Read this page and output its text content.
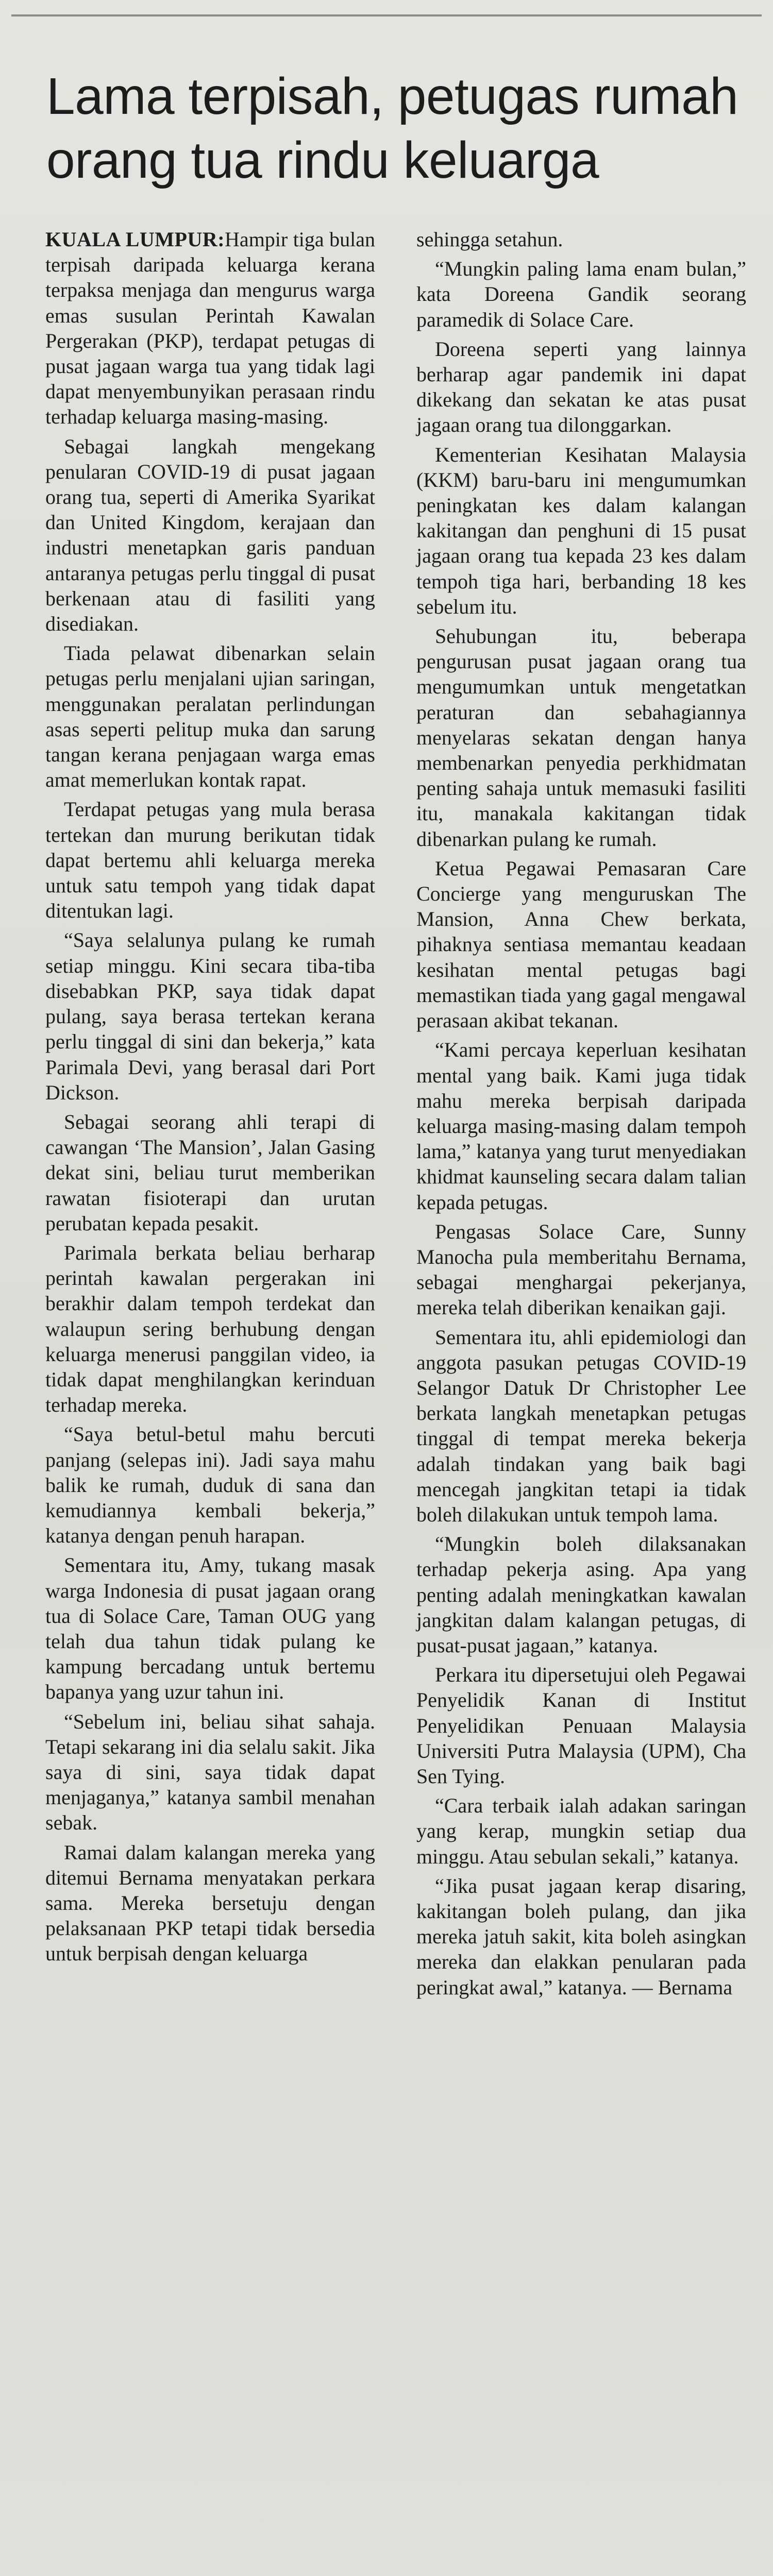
Lama terpisah, petugas rumah orang tua rindu keluarga

KUALA LUMPUR:Hampir tiga bulan terpisah daripada keluarga kerana terpaksa menjaga dan mengurus warga emas susulan Perintah Kawalan Pergerakan (PKP), terdapat petugas di pusat jagaan warga tua yang tidak lagi dapat menyembunyikan perasaan rindu terhadap keluarga masing-masing.

Sebagai langkah mengekang penularan COVID-19 di pusat jagaan orang tua, seperti di Amerika Syarikat dan United Kingdom, kerajaan dan industri menetapkan garis panduan antaranya petugas perlu tinggal di pusat berkenaan atau di fasiliti yang disediakan.

Tiada pelawat dibenarkan selain petugas perlu menjalani ujian saringan, menggunakan peralatan perlindungan asas seperti pelitup muka dan sarung tangan kerana penjagaan warga emas amat memerlukan kontak rapat.

Terdapat petugas yang mula berasa tertekan dan murung berikutan tidak dapat bertemu ahli keluarga mereka untuk satu tempoh yang tidak dapat ditentukan lagi.

“Saya selalunya pulang ke rumah setiap minggu. Kini secara tiba-tiba disebabkan PKP, saya tidak dapat pulang, saya berasa tertekan kerana perlu tinggal di sini dan bekerja,” kata Parimala Devi, yang berasal dari Port Dickson.

Sebagai seorang ahli terapi di cawangan ‘The Mansion’, Jalan Gasing dekat sini, beliau turut memberikan rawatan fisioterapi dan urutan perubatan kepada pesakit.

Parimala berkata beliau berharap perintah kawalan pergerakan ini berakhir dalam tempoh terdekat dan walaupun sering berhubung dengan keluarga menerusi panggilan video, ia tidak dapat menghilangkan kerinduan terhadap mereka.

“Saya betul-betul mahu bercuti panjang (selepas ini). Jadi saya mahu balik ke rumah, duduk di sana dan kemudiannya kembali bekerja,” katanya dengan penuh harapan.

Sementara itu, Amy, tukang masak warga Indonesia di pusat jagaan orang tua di Solace Care, Taman OUG yang telah dua tahun tidak pulang ke kampung bercadang untuk bertemu bapanya yang uzur tahun ini.

“Sebelum ini, beliau sihat sahaja. Tetapi sekarang ini dia selalu sakit. Jika saya di sini, saya tidak dapat menjaganya,” katanya sambil menahan sebak.

Ramai dalam kalangan mereka yang ditemui Bernama menyatakan perkara sama. Mereka bersetuju dengan pelaksanaan PKP tetapi tidak bersedia untuk berpisah dengan keluarga

sehingga setahun.

“Mungkin paling lama enam bulan,” kata Doreena Gandik seorang paramedik di Solace Care.

Doreena seperti yang lainnya berharap agar pandemik ini dapat dikekang dan sekatan ke atas pusat jagaan orang tua dilonggarkan.

Kementerian Kesihatan Malaysia (KKM) baru-baru ini mengumumkan peningkatan kes dalam kalangan kakitangan dan penghuni di 15 pusat jagaan orang tua kepada 23 kes dalam tempoh tiga hari, berbanding 18 kes sebelum itu.

Sehubungan itu, beberapa pengurusan pusat jagaan orang tua mengumumkan untuk mengetatkan peraturan dan sebahagiannya menyelaras sekatan dengan hanya membenarkan penyedia perkhidmatan penting sahaja untuk memasuki fasiliti itu, manakala kakitangan tidak dibenarkan pulang ke rumah.

Ketua Pegawai Pemasaran Care Concierge yang menguruskan The Mansion, Anna Chew berkata, pihaknya sentiasa memantau keadaan kesihatan mental petugas bagi memastikan tiada yang gagal mengawal perasaan akibat tekanan.

“Kami percaya keperluan kesihatan mental yang baik. Kami juga tidak mahu mereka berpisah daripada keluarga masing-masing dalam tempoh lama,” katanya yang turut menyediakan khidmat kaunseling secara dalam talian kepada petugas.

Pengasas Solace Care, Sunny Manocha pula memberitahu Bernama, sebagai menghargai pekerjanya, mereka telah diberikan kenaikan gaji.

Sementara itu, ahli epidemiologi dan anggota pasukan petugas COVID-19 Selangor Datuk Dr Christopher Lee berkata langkah menetapkan petugas tinggal di tempat mereka bekerja adalah tindakan yang baik bagi mencegah jangkitan tetapi ia tidak boleh dilakukan untuk tempoh lama.

“Mungkin boleh dilaksanakan terhadap pekerja asing. Apa yang penting adalah meningkatkan kawalan jangkitan dalam kalangan petugas, di pusat-pusat jagaan,” katanya.

Perkara itu dipersetujui oleh Pegawai Penyelidik Kanan di Institut Penyelidikan Penuaan Malaysia Universiti Putra Malaysia (UPM), Cha Sen Tying.

“Cara terbaik ialah adakan saringan yang kerap, mungkin setiap dua minggu. Atau sebulan sekali,” katanya.

“Jika pusat jagaan kerap disaring, kakitangan boleh pulang, dan jika mereka jatuh sakit, kita boleh asingkan mereka dan elakkan penularan pada peringkat awal,” katanya. — Bernama
